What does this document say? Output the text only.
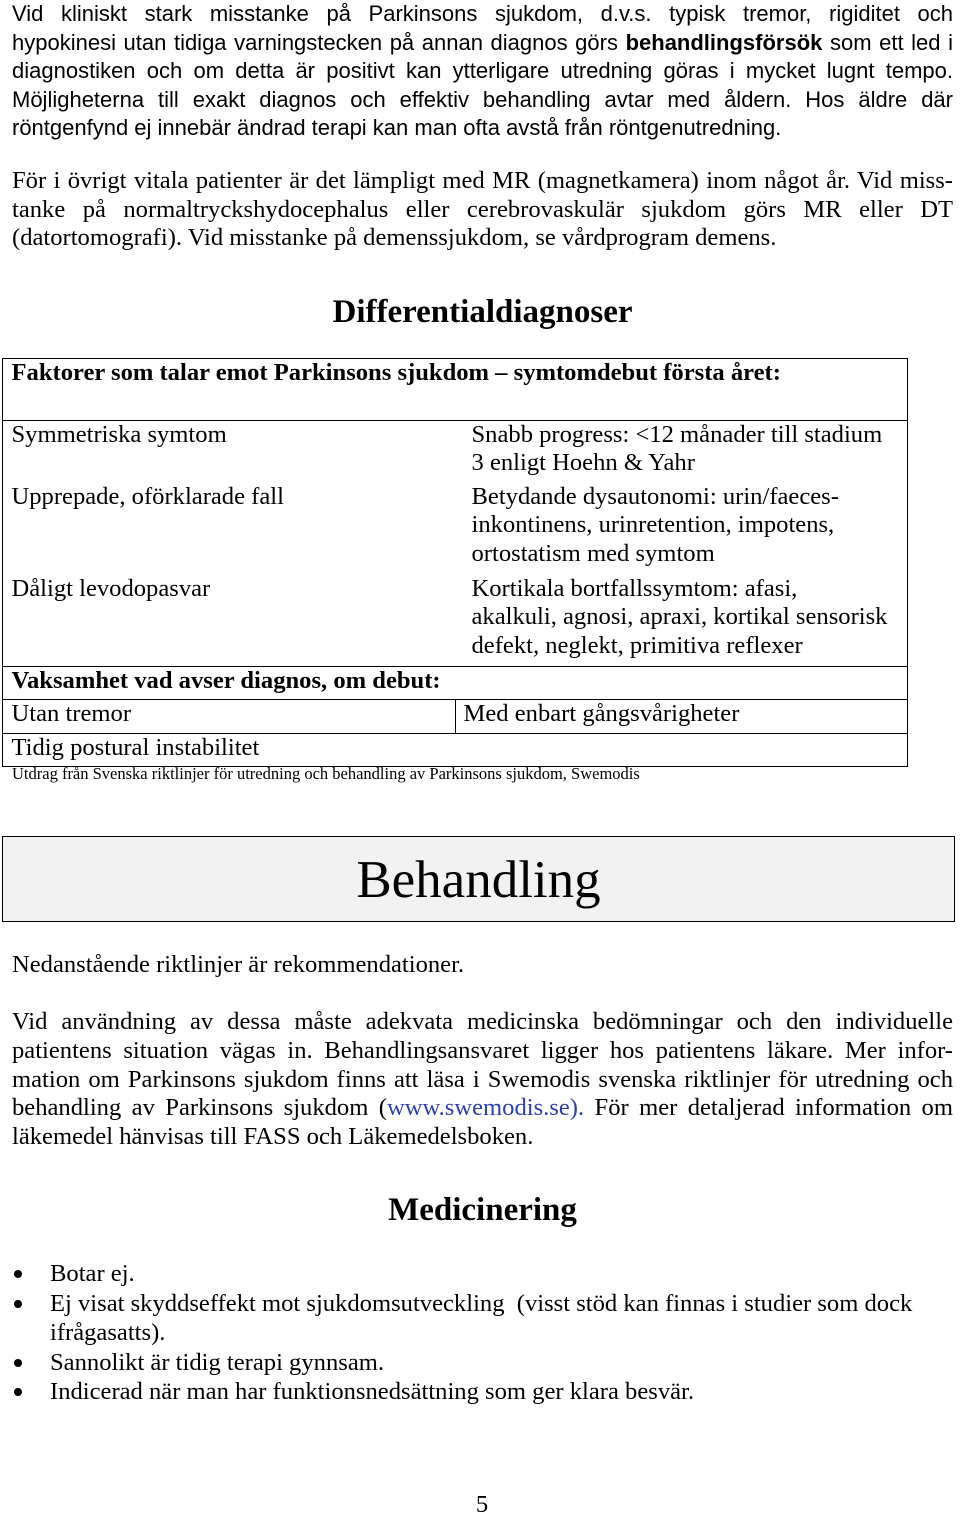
Vid kliniskt stark misstanke på Parkinsons sjukdom, d.v.s. typisk tremor, rigiditet och
hypokinesi utan tidiga varningstecken på annan diagnos görs behandlingsförsök som ett led i
diagnostiken och om detta är positivt kan ytterligare utredning göras i mycket lugnt tempo.
Möjligheterna till exakt diagnos och effektiv behandling avtar med åldern. Hos äldre där
röntgenfynd ej innebär ändrad terapi kan man ofta avstå från röntgenutredning.
För i övrigt vitala patienter är det lämpligt med MR (magnetkamera) inom något år. Vid miss-
tanke på normaltryckshydocephalus eller cerebrovaskulär sjukdom görs MR eller DT
(datortomografi). Vid misstanke på demenssjukdom, se vårdprogram demens.
Differentialdiagnoser
Faktorer som talar emot Parkinsons sjukdom – symtomdebut första året:
Symmetriska symtom	Snabb progress: <12 månader till stadium
3 enligt Hoehn & Yahr
Upprepade, oförklarade fall	Betydande dysautonomi: urin/faeces-
inkontinens, urinretention, impotens,
ortostatism med symtom
Dåligt levodopasvar	Kortikala bortfallssymtom: afasi,
akalkuli, agnosi, apraxi, kortikal sensorisk
defekt, neglekt, primitiva reflexer
Vaksamhet vad avser diagnos, om debut:
Utan tremor	Med enbart gångsvårigheter
Tidig postural instabilitet
Utdrag från Svenska riktlinjer för utredning och behandling av Parkinsons sjukdom, Swemodis
Behandling
Nedanstående riktlinjer är rekommendationer.
Vid användning av dessa måste adekvata medicinska bedömningar och den individuelle
patientens situation vägas in. Behandlingsansvaret ligger hos patientens läkare. Mer infor-
mation om Parkinsons sjukdom finns att läsa i Swemodis svenska riktlinjer för utredning och
behandling av Parkinsons sjukdom (www.swemodis.se). För mer detaljerad information om
läkemedel hänvisas till FASS och Läkemedelsboken.
Medicinering
Botar ej.
Ej visat skyddseffekt mot sjukdomsutveckling  (visst stöd kan finnas i studier som dock ifrågasatts).
Sannolikt är tidig terapi gynnsam.
Indicerad när man har funktionsnedsättning som ger klara besvär.
5
